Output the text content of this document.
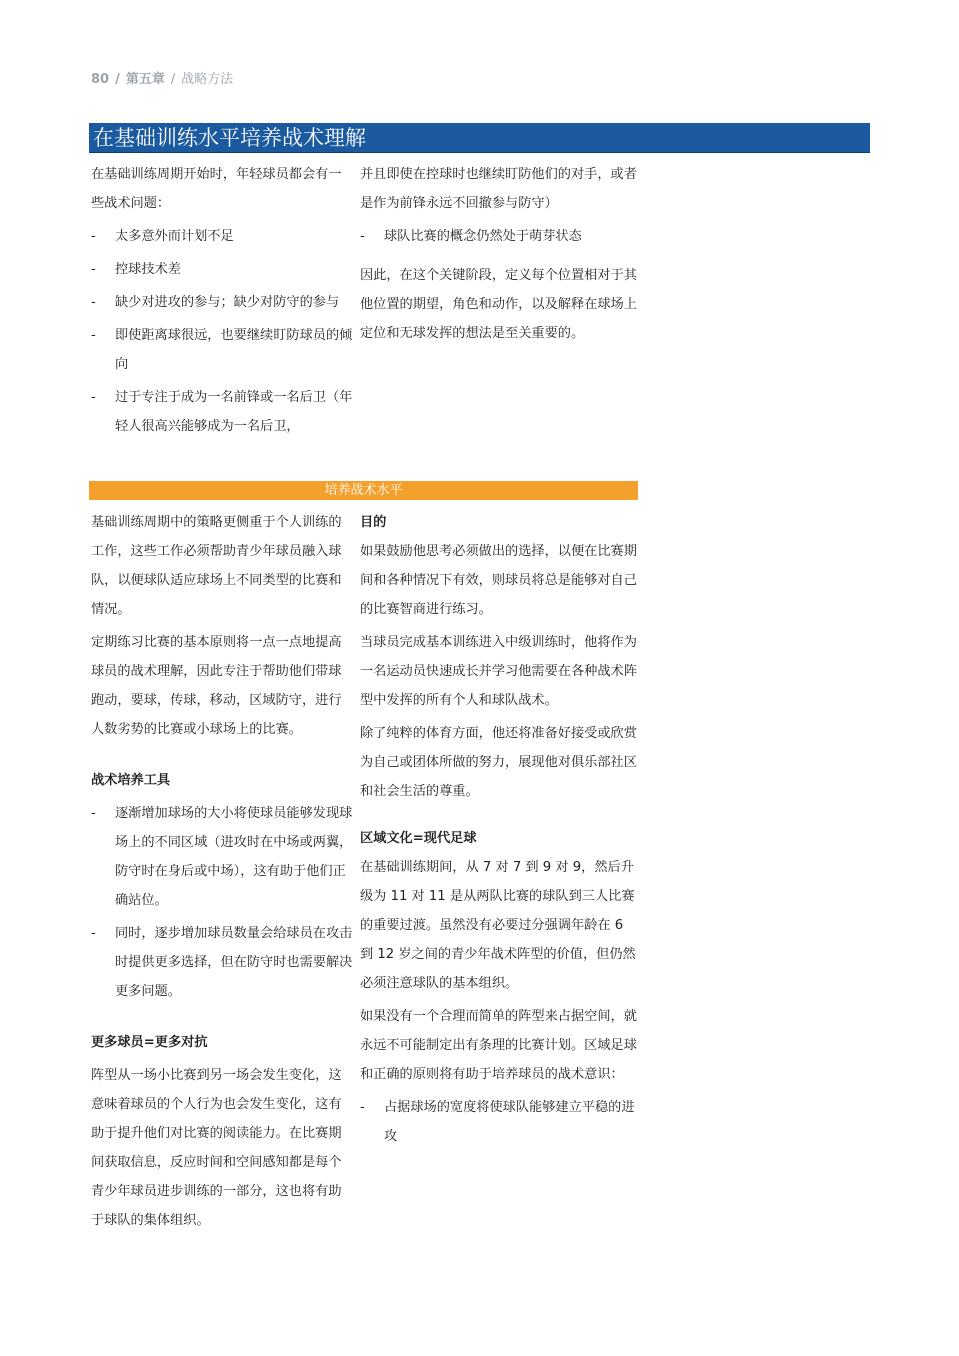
80 / 第五章 / 战略方法
在基础训练水平培养战术理解

在基础训练周期开始时，年轻球员都会有一些战术问题：

- 太多意外而计划不足
- 控球技术差
- 缺少对进攻的参与；缺少对防守的参与
- 即使距离球很远，也要继续盯防球员的倾向
- 过于专注于成为一名前锋或一名后卫（年轻人很高兴能够成为一名后卫，

并且即使在控球时也继续盯防他们的对手，或者是作为前锋永远不回撤参与防守）

- 球队比赛的概念仍然处于萌芽状态

因此，在这个关键阶段，定义每个位置相对于其他位置的期望，角色和动作，以及解释在球场上定位和无球发挥的想法是至关重要的。

培养战术水平

基础训练周期中的策略更侧重于个人训练的工作，这些工作必须帮助青少年球员融入球队，以便球队适应球场上不同类型的比赛和情况。

定期练习比赛的基本原则将一点一点地提高球员的战术理解，因此专注于帮助他们带球跑动，要球，传球，移动，区域防守，进行人数劣势的比赛或小球场上的比赛。

战术培养工具
- 逐渐增加球场的大小将使球员能够发现球场上的不同区域（进攻时在中场或两翼，防守时在身后或中场），这有助于他们正确站位。
- 同时，逐步增加球员数量会给球员在攻击时提供更多选择，但在防守时也需要解决更多问题。
更多球员=更多对抗

阵型从一场小比赛到另一场会发生变化，这意味着球员的个人行为也会发生变化，这有助于提升他们对比赛的阅读能力。在比赛期间获取信息，反应时间和空间感知都是每个青少年球员进步训练的一部分，这也将有助于球队的集体组织。

目的

如果鼓励他思考必须做出的选择，以便在比赛期间和各种情况下有效，则球员将总是能够对自己的比赛智商进行练习。

当球员完成基本训练进入中级训练时，他将作为一名运动员快速成长并学习他需要在各种战术阵型中发挥的所有个人和球队战术。

除了纯粹的体育方面，他还将准备好接受或欣赏为自己或团体所做的努力，展现他对俱乐部社区和社会生活的尊重。

区域文化=现代足球

在基础训练期间，从 7 对 7 到 9 对 9，然后升级为 11 对 11 是从两队比赛的球队到三人比赛的重要过渡。虽然没有必要过分强调年龄在 6 到 12 岁之间的青少年战术阵型的价值，但仍然必须注意球队的基本组织。

如果没有一个合理而简单的阵型来占据空间，就永远不可能制定出有条理的比赛计划。区域足球和正确的原则将有助于培养球员的战术意识：

- 占据球场的宽度将使球队能够建立平稳的进攻
